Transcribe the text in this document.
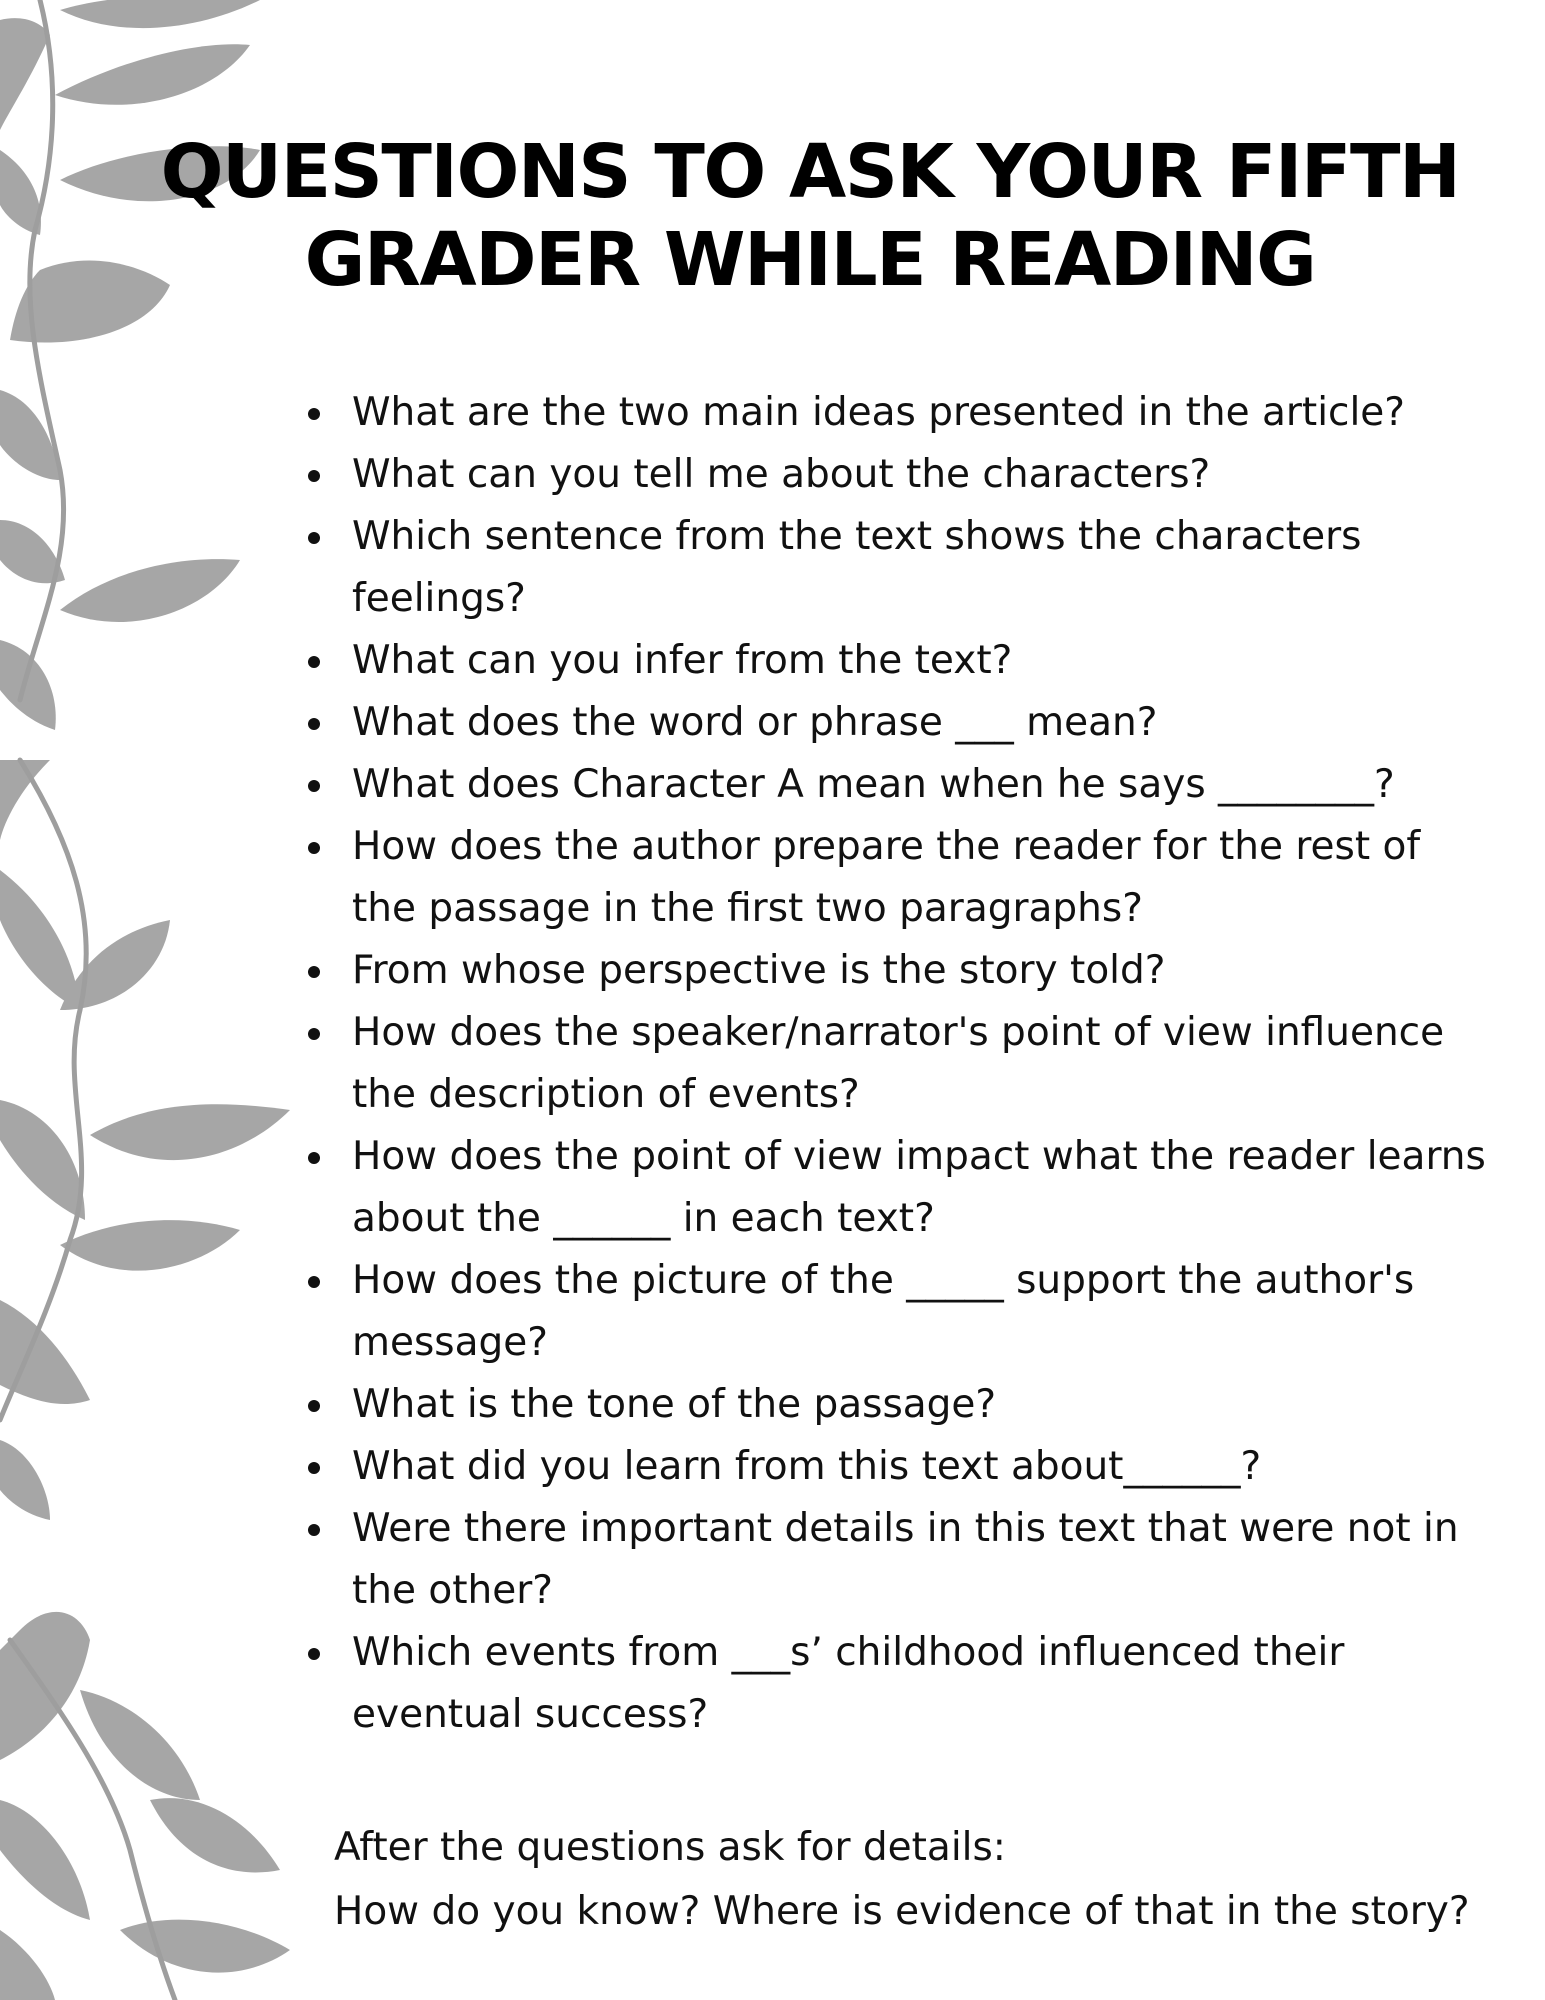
QUESTIONS TO ASK YOUR FIFTH GRADER WHILE READING
What are the two main ideas presented in the article?
What can you tell me about the characters?
Which sentence from the text shows the characters feelings?
What can you infer from the text?
What does the word or phrase ___ mean?
What does Character A mean when he says ________?
How does the author prepare the reader for the rest of the passage in the first two paragraphs?
From whose perspective is the story told?
How does the speaker/narrator's point of view influence the description of events?
How does the point of view impact what the reader learns about the ______ in each text?
How does the picture of the _____ support the author's message?
What is the tone of the passage?
What did you learn from this text about______?
Were there important details in this text that were not in the other?
Which events from ___s’ childhood influenced their eventual success?
After the questions ask for details:
How do you know? Where is evidence of that in the story?
